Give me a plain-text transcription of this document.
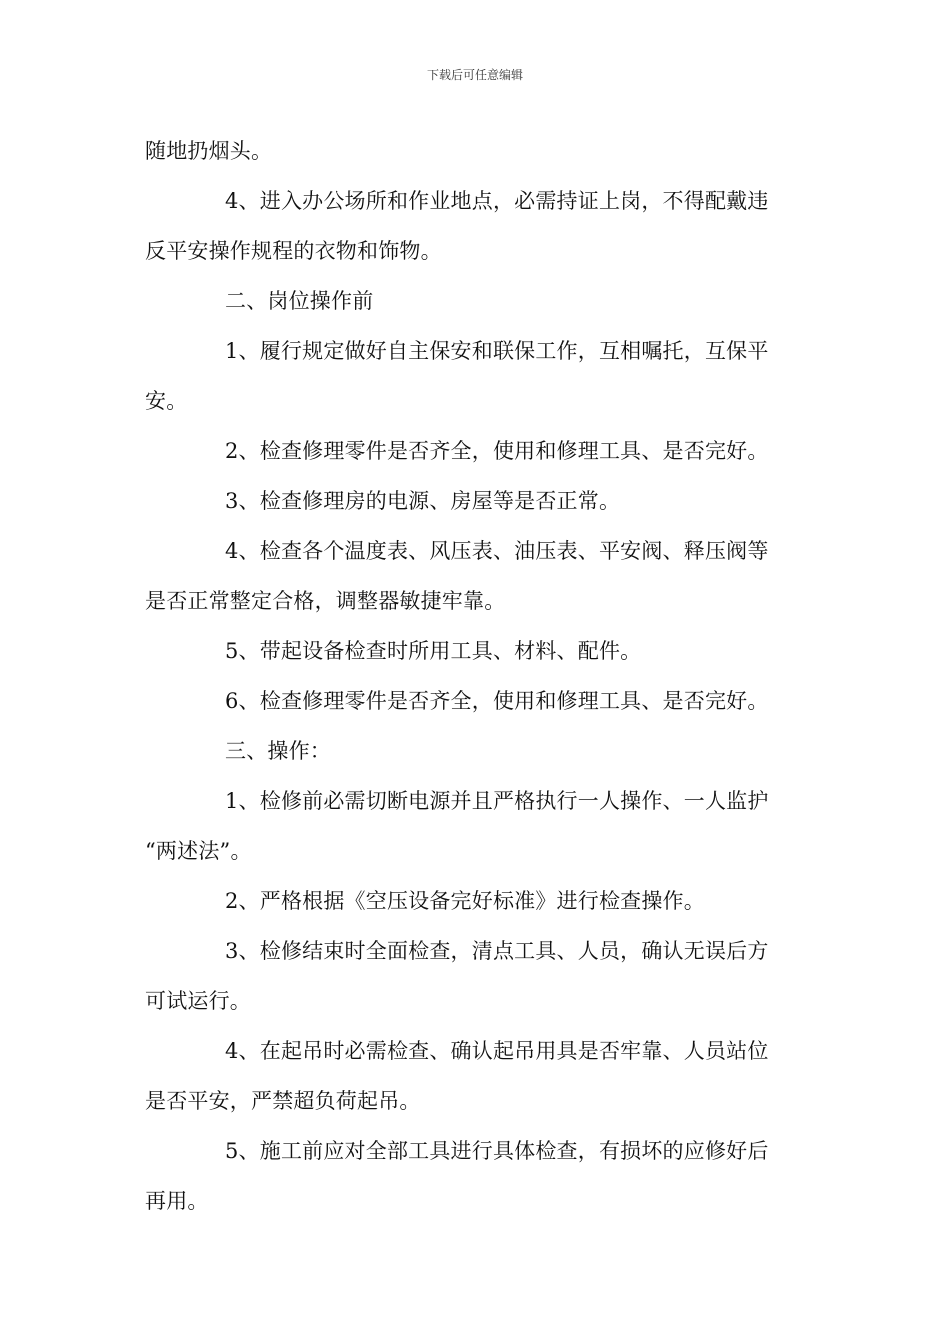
下载后可任意编辑

随地扔烟头。

4、进入办公场所和作业地点，必需持证上岗，不得配戴违

反平安操作规程的衣物和饰物。

二、岗位操作前

1、履行规定做好自主保安和联保工作，互相嘱托，互保平

安。

2、检查修理零件是否齐全，使用和修理工具、是否完好。

3、检查修理房的电源、房屋等是否正常。

4、检查各个温度表、风压表、油压表、平安阀、释压阀等

是否正常整定合格，调整器敏捷牢靠。

5、带起设备检查时所用工具、材料、配件。

6、检查修理零件是否齐全，使用和修理工具、是否完好。

三、操作：

1、检修前必需切断电源并且严格执行一人操作、一人监护

“两述法”。

2、严格根据《空压设备完好标准》进行检查操作。

3、检修结束时全面检查，清点工具、人员，确认无误后方

可试运行。

4、在起吊时必需检查、确认起吊用具是否牢靠、人员站位

是否平安，严禁超负荷起吊。

5、施工前应对全部工具进行具体检查，有损坏的应修好后

再用。
